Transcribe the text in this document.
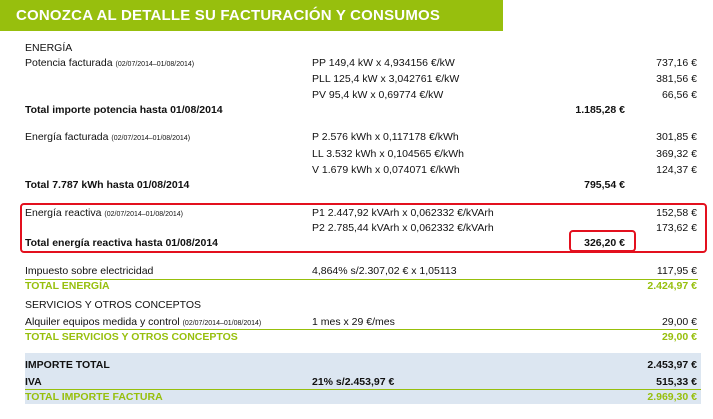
CONOZCA AL DETALLE SU FACTURACIÓN Y CONSUMOS
ENERGÍA
Potencia facturada (02/07/2014–01/08/2014)	PP 149,4 kW x 4,934156 €/kW	737,16 €
PLL 125,4 kW x 3,042761 €/kW	381,56 €
PV 95,4 kW x 0,69774 €/kW	66,56 €
Total importe potencia hasta 01/08/2014	1.185,28 €
Energía facturada (02/07/2014–01/08/2014)	P 2.576 kWh x 0,117178 €/kWh	301,85 €
LL 3.532 kWh x 0,104565 €/kWh	369,32 €
V 1.679 kWh x 0,074071 €/kWh	124,37 €
Total 7.787 kWh hasta 01/08/2014	795,54 €
Energía reactiva (02/07/2014–01/08/2014)	P1 2.447,92 kVArh x 0,062332 €/kVArh	152,58 €
P2 2.785,44 kVArh x 0,062332 €/kVArh	173,62 €
Total energía reactiva hasta 01/08/2014	326,20 €
Impuesto sobre electricidad	4,864% s/2.307,02 € x 1,05113	117,95 €
TOTAL ENERGÍA	2.424,97 €
SERVICIOS Y OTROS CONCEPTOS
Alquiler equipos medida y control (02/07/2014–01/08/2014)	1 mes x 29 €/mes	29,00 €
TOTAL SERVICIOS Y OTROS CONCEPTOS	29,00 €
IMPORTE TOTAL	2.453,97 €
IVA	21% s/2.453,97 €	515,33 €
TOTAL IMPORTE FACTURA	2.969,30 €
